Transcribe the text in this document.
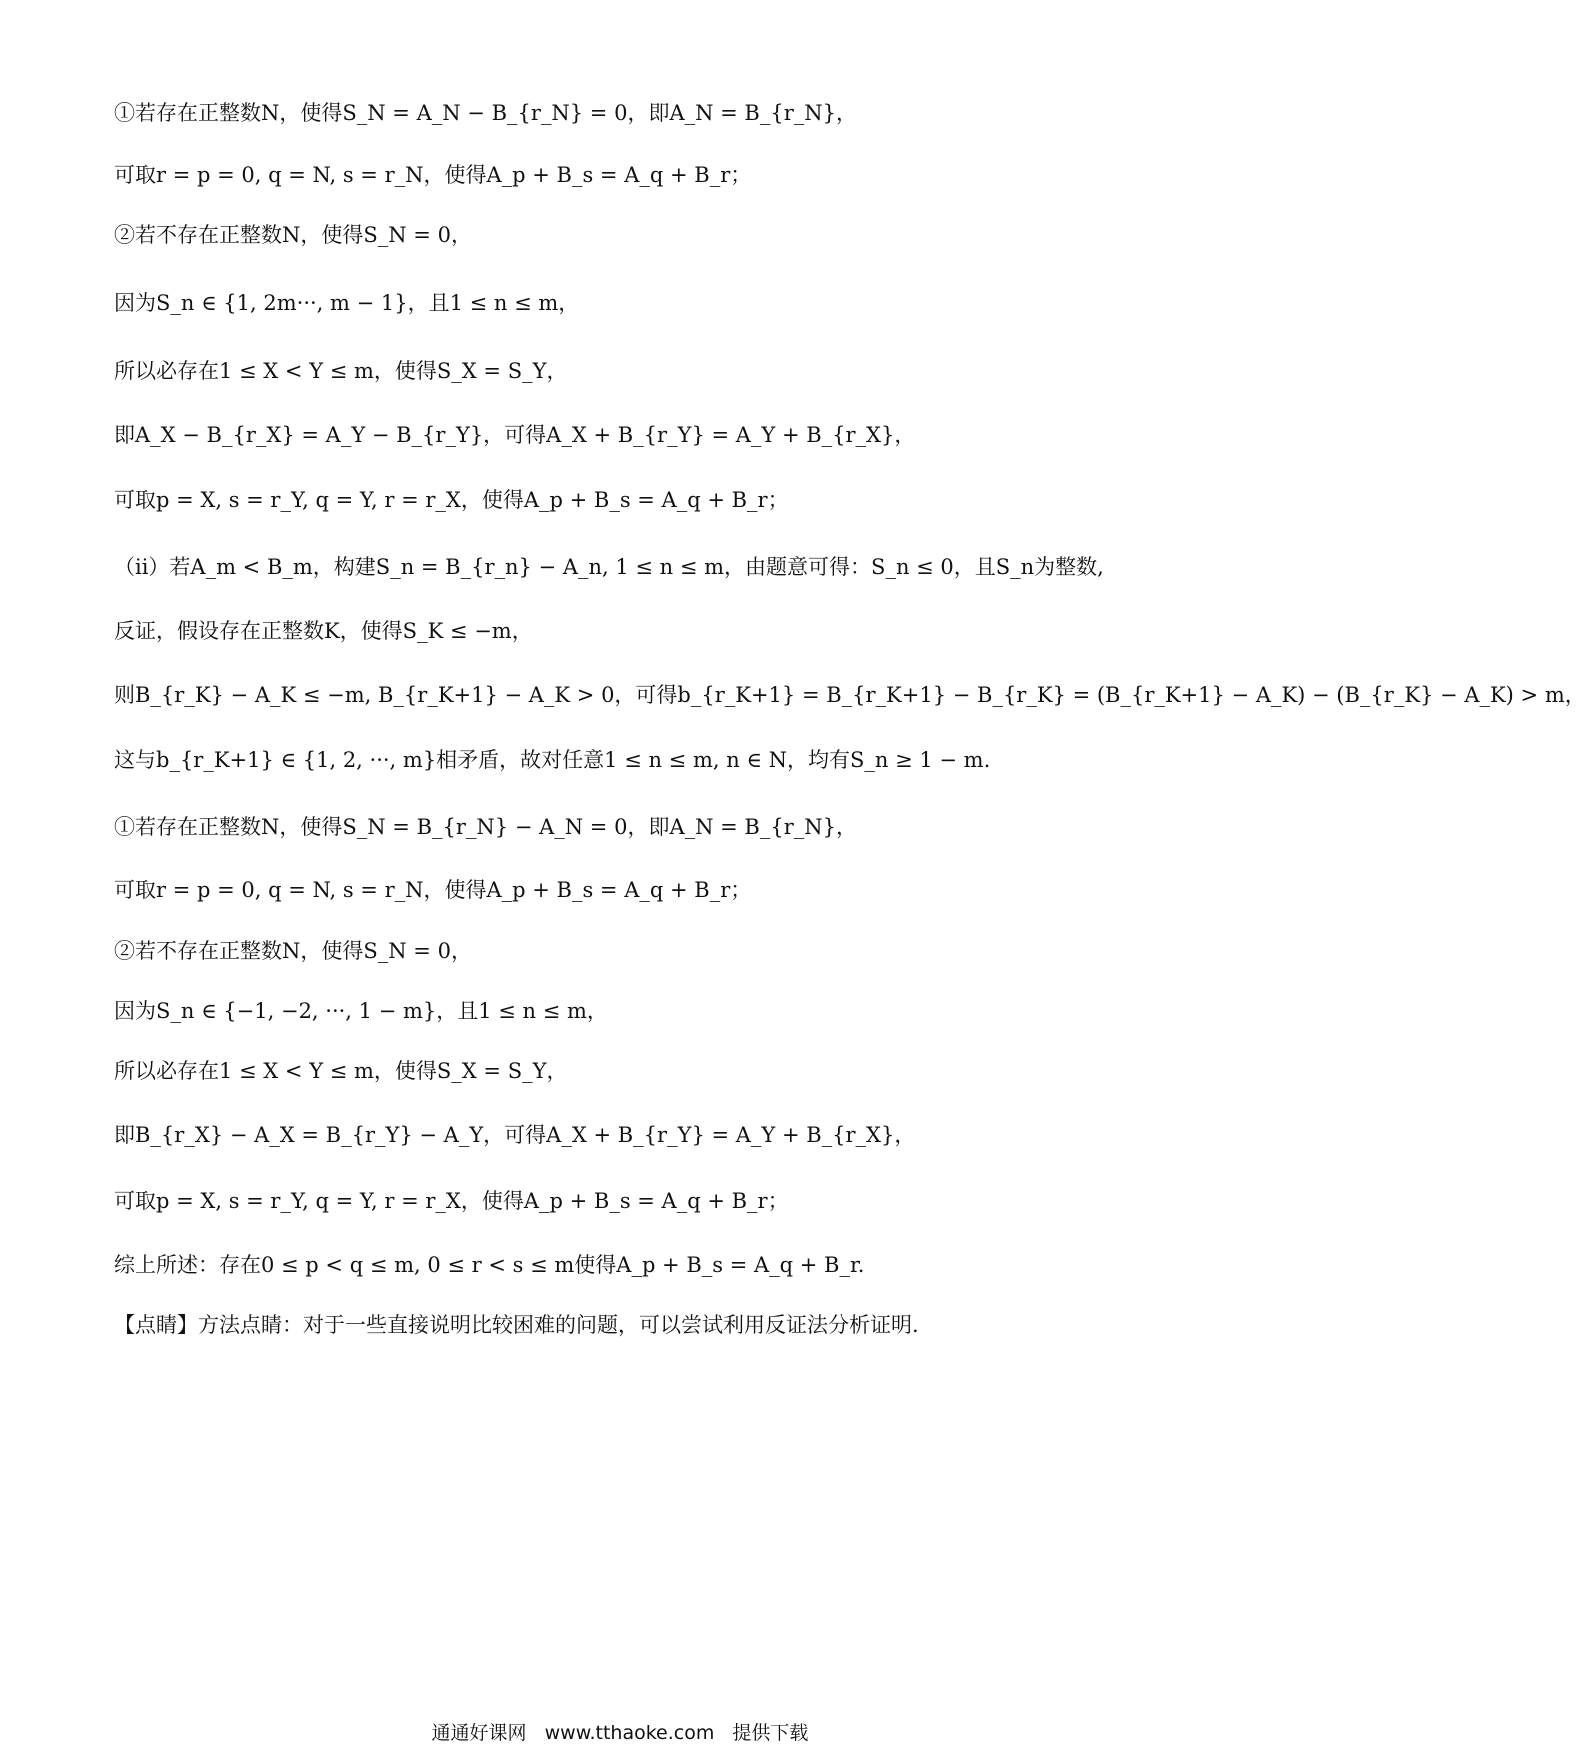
①若存在正整数N，使得S_N = A_N − B_{r_N} = 0，即A_N = B_{r_N}，
可取r = p = 0, q = N, s = r_N，使得A_p + B_s = A_q + B_r；
②若不存在正整数N，使得S_N = 0，
因为S_n ∈ {1, 2m···, m − 1}，且1 ≤ n ≤ m，
所以必存在1 ≤ X < Y ≤ m，使得S_X = S_Y，
即A_X − B_{r_X} = A_Y − B_{r_Y}，可得A_X + B_{r_Y} = A_Y + B_{r_X}，
可取p = X, s = r_Y, q = Y, r = r_X，使得A_p + B_s = A_q + B_r；
（ii）若A_m < B_m，构建S_n = B_{r_n} − A_n, 1 ≤ n ≤ m，由题意可得：S_n ≤ 0，且S_n为整数,
反证，假设存在正整数K，使得S_K ≤ −m，
则B_{r_K} − A_K ≤ −m, B_{r_K+1} − A_K > 0，可得b_{r_K+1} = B_{r_K+1} − B_{r_K} = (B_{r_K+1} − A_K) − (B_{r_K} − A_K) > m，
这与b_{r_K+1} ∈ {1, 2, ···, m}相矛盾，故对任意1 ≤ n ≤ m, n ∈ N，均有S_n ≥ 1 − m.
①若存在正整数N，使得S_N = B_{r_N} − A_N = 0，即A_N = B_{r_N}，
可取r = p = 0, q = N, s = r_N，使得A_p + B_s = A_q + B_r；
②若不存在正整数N，使得S_N = 0，
因为S_n ∈ {−1, −2, ···, 1 − m}，且1 ≤ n ≤ m，
所以必存在1 ≤ X < Y ≤ m，使得S_X = S_Y，
即B_{r_X} − A_X = B_{r_Y} − A_Y，可得A_X + B_{r_Y} = A_Y + B_{r_X}，
可取p = X, s = r_Y, q = Y, r = r_X，使得A_p + B_s = A_q + B_r；
综上所述：存在0 ≤ p < q ≤ m, 0 ≤ r < s ≤ m使得A_p + B_s = A_q + B_r.
【点睛】方法点睛：对于一些直接说明比较困难的问题，可以尝试利用反证法分析证明.
通通好课网 www.tthaoke.com 提供下载
